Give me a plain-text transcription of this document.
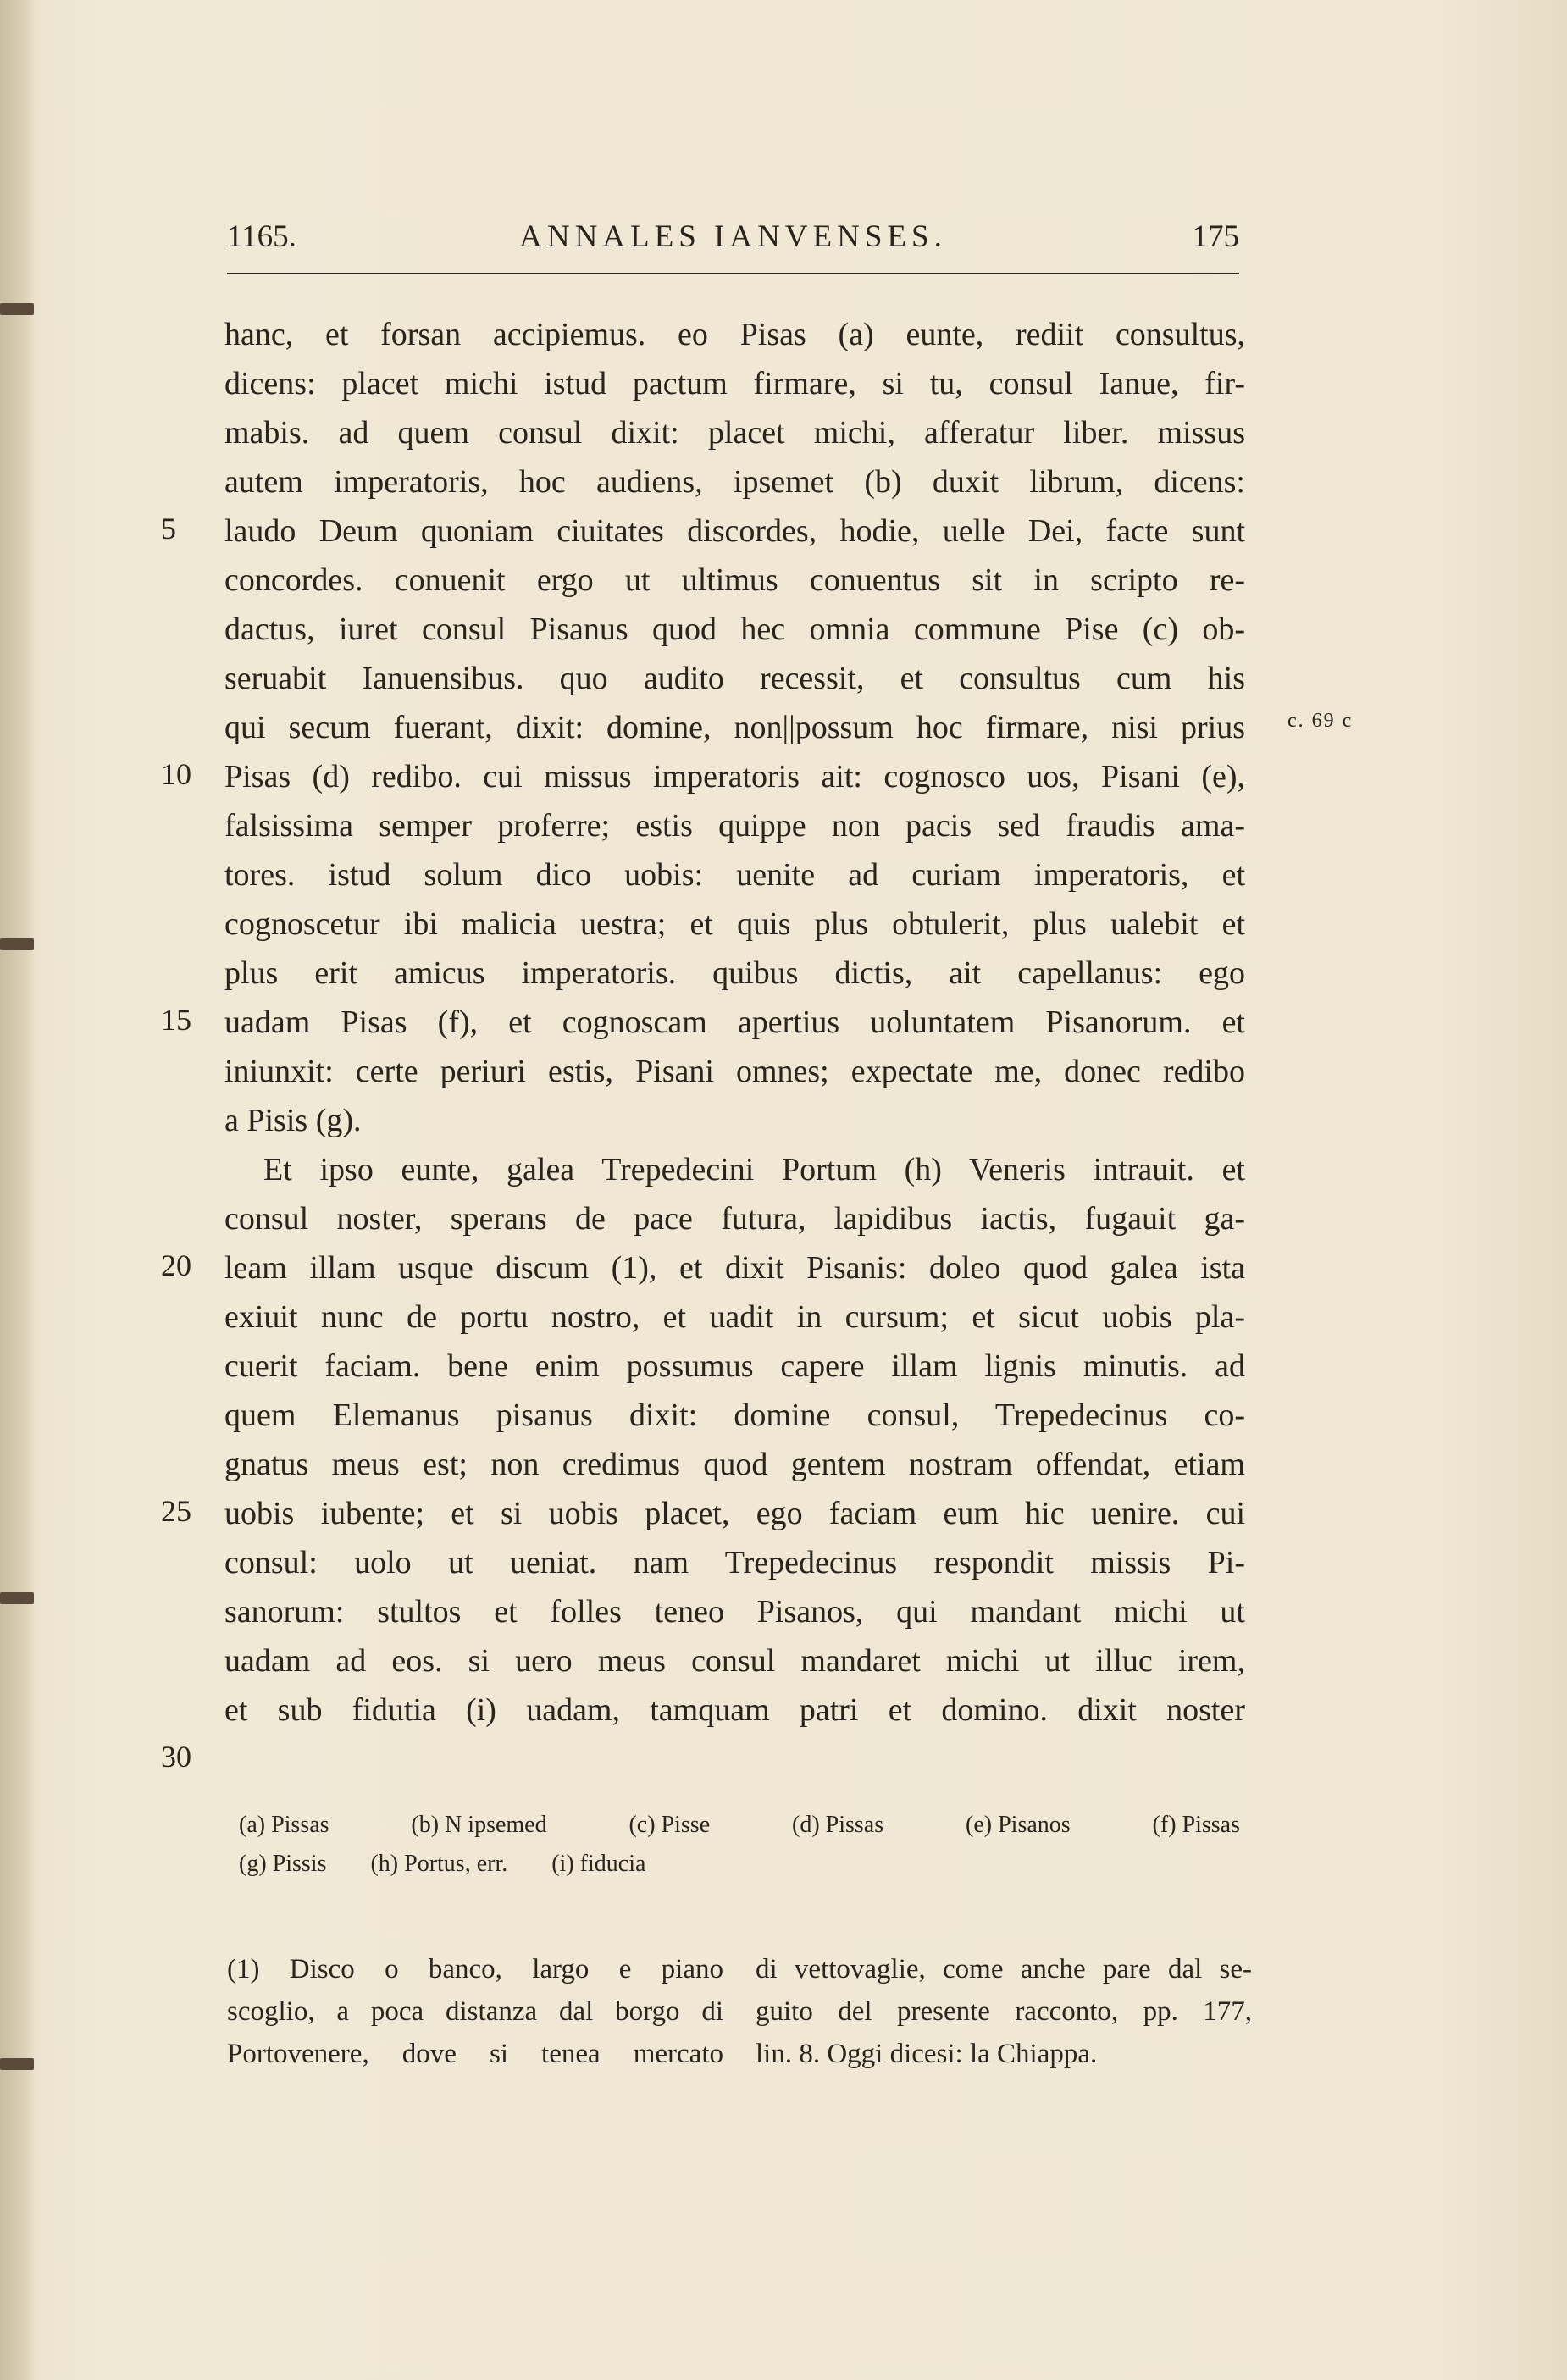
1165.	ANNALES IANVENSES.	175
hanc, et forsan accipiemus. eo Pisas (a) eunte, rediit consultus,
dicens: placet michi istud pactum firmare, si tu, consul Ianue, fir-
mabis. ad quem consul dixit: placet michi, afferatur liber. missus
autem imperatoris, hoc audiens, ipsemet (b) duxit librum, dicens:
laudo Deum quoniam ciuitates discordes, hodie, uelle Dei, facte sunt
concordes. conuenit ergo ut ultimus conuentus sit in scripto re-
dactus, iuret consul Pisanus quod hec omnia commune Pise (c) ob-
seruabit Ianuensibus. quo audito recessit, et consultus cum his
qui secum fuerant, dixit: domine, non||possum hoc firmare, nisi prius
Pisas (d) redibo. cui missus imperatoris ait: cognosco uos, Pisani (e),
falsissima semper proferre; estis quippe non pacis sed fraudis ama-
tores. istud solum dico uobis: uenite ad curiam imperatoris, et
cognoscetur ibi malicia uestra; et quis plus obtulerit, plus ualebit et
plus erit amicus imperatoris. quibus dictis, ait capellanus: ego
uadam Pisas (f), et cognoscam apertius uoluntatem Pisanorum. et
iniunxit: certe periuri estis, Pisani omnes; expectate me, donec redibo
a Pisis (g).
Et ipso eunte, galea Trepedecini Portum (h) Veneris intrauit. et
consul noster, sperans de pace futura, lapidibus iactis, fugauit ga-
leam illam usque discum (1), et dixit Pisanis: doleo quod galea ista
exiuit nunc de portu nostro, et uadit in cursum; et sicut uobis pla-
cuerit faciam. bene enim possumus capere illam lignis minutis. ad
quem Elemanus pisanus dixit: domine consul, Trepedecinus co-
gnatus meus est; non credimus quod gentem nostram offendat, etiam
uobis iubente; et si uobis placet, ego faciam eum hic uenire. cui
consul: uolo ut ueniat. nam Trepedecinus respondit missis Pi-
sanorum: stultos et folles teneo Pisanos, qui mandant michi ut
uadam ad eos. si uero meus consul mandaret michi ut illuc irem,
et sub fidutia (i) uadam, tamquam patri et domino. dixit noster
5
10
15
20
25
30
c. 69 c
(a) Pissas	(b) N ipsemed	(c) Pisse	(d) Pissas	(e) Pisanos	(f) Pissas
(g) Pissis (h) Portus, err. (i) fiducia
(1) Disco o banco, largo e piano
scoglio, a poca distanza dal borgo di
Portovenere, dove si tenea mercato
di vettovaglie, come anche pare dal se-
guito del presente racconto, pp. 177,
lin. 8. Oggi dicesi: la Chiappa.
